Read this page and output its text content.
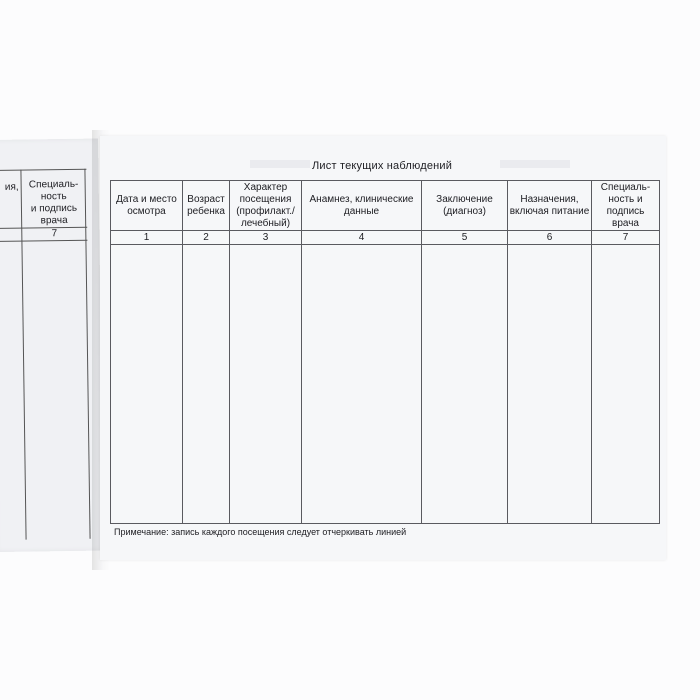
ия,	Специаль-
ность
и подпись
врача
7
Лист текущих наблюдений
Дата и место осмотра	Возраст ребенка	Характер посещения (профилакт./ лечебный)	Анамнез, клинические данные	Заключение (диагноз)	Назначения, включая питание	Специаль- ность и подпись врача
1	2	3	4	5	6	7

Примечание: запись каждого посещения следует отчеркивать линией
